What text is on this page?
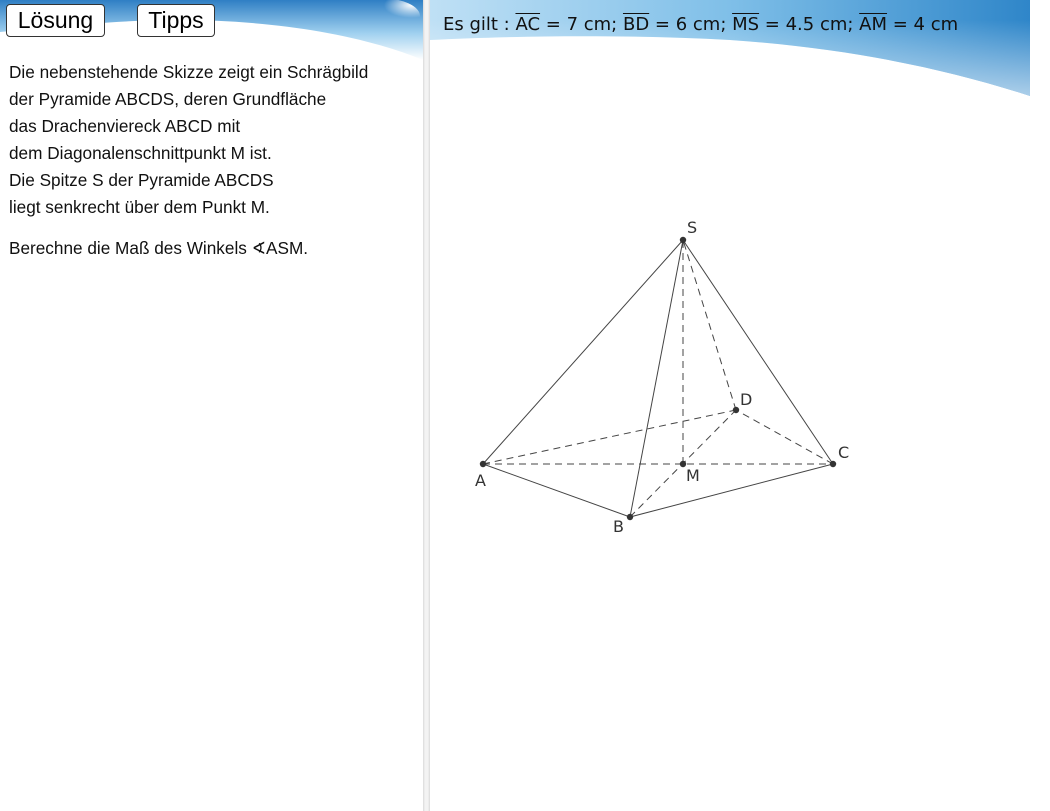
Lösung	Tipps

Die nebenstehende Skizze zeigt ein Schrägbild

der Pyramide ABCDS, deren Grundfläche

das Drachenviereck ABCD mit

dem Diagonalenschnittpunkt M ist.

Die Spitze S der Pyramide ABCDS

liegt senkrecht über dem Punkt M.

Berechne die Maß des Winkels ∢ASM.
Es gilt : $\overline{AC} = 7$ cm; $\overline{BD} = 6$ cm; $\overline{MS} = 4.5$ cm; $\overline{AM} = 4$ cm
A
B
C
D
M
S
